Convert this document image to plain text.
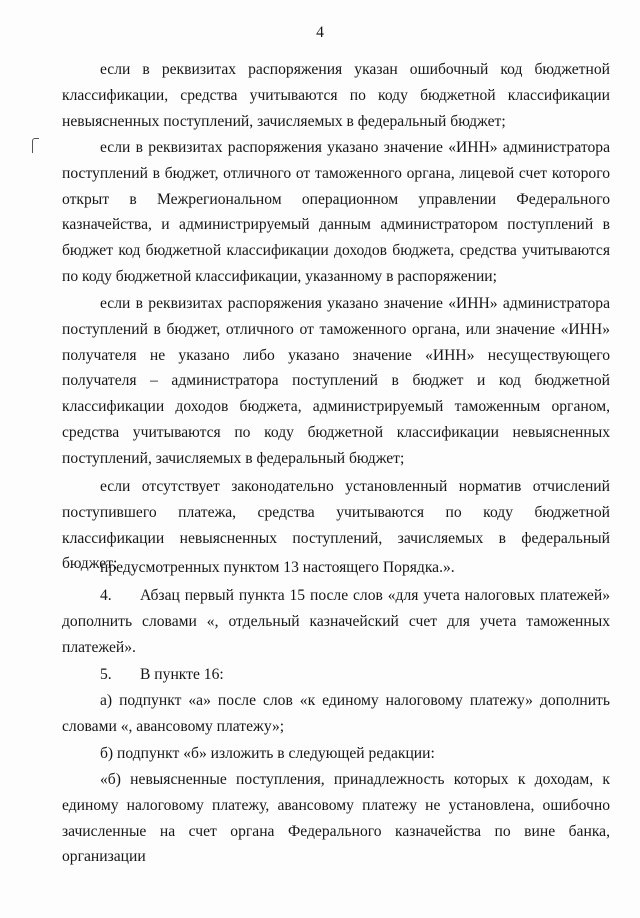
4

если в реквизитах распоряжения указан ошибочный код бюджетной классификации, средства учитываются по коду бюджетной классификации невыясненных поступлений, зачисляемых в федеральный бюджет;

если в реквизитах распоряжения указано значение «ИНН» администратора поступлений в бюджет, отличного от таможенного органа, лицевой счет которого открыт в Межрегиональном операционном управлении Федерального казначейства, и администрируемый данным администратором поступлений в бюджет код бюджетной классификации доходов бюджета, средства учитываются по коду бюджетной классификации, указанному в распоряжении;

если в реквизитах распоряжения указано значение «ИНН» администратора поступлений в бюджет, отличного от таможенного органа, или значение «ИНН» получателя не указано либо указано значение «ИНН» несуществующего получателя – администратора поступлений в бюджет и код бюджетной классификации доходов бюджета, администрируемый таможенным органом, средства учитываются по коду бюджетной классификации невыясненных поступлений, зачисляемых в федеральный бюджет;

если отсутствует законодательно установленный норматив отчислений поступившего платежа, средства учитываются по коду бюджетной классификации невыясненных поступлений, зачисляемых в федеральный бюджет;

предусмотренных пунктом 13 настоящего Порядка.».

4. Абзац первый пункта 15 после слов «для учета налоговых платежей» дополнить словами «, отдельный казначейский счет для учета таможенных платежей».

5. В пункте 16:

а) подпункт «а» после слов «к единому налоговому платежу» дополнить словами «, авансовому платежу»;

б) подпункт «б» изложить в следующей редакции:

«б) невыясненные поступления, принадлежность которых к доходам, к единому налоговому платежу, авансовому платежу не установлена, ошибочно зачисленные на счет органа Федерального казначейства по вине банка, организации
